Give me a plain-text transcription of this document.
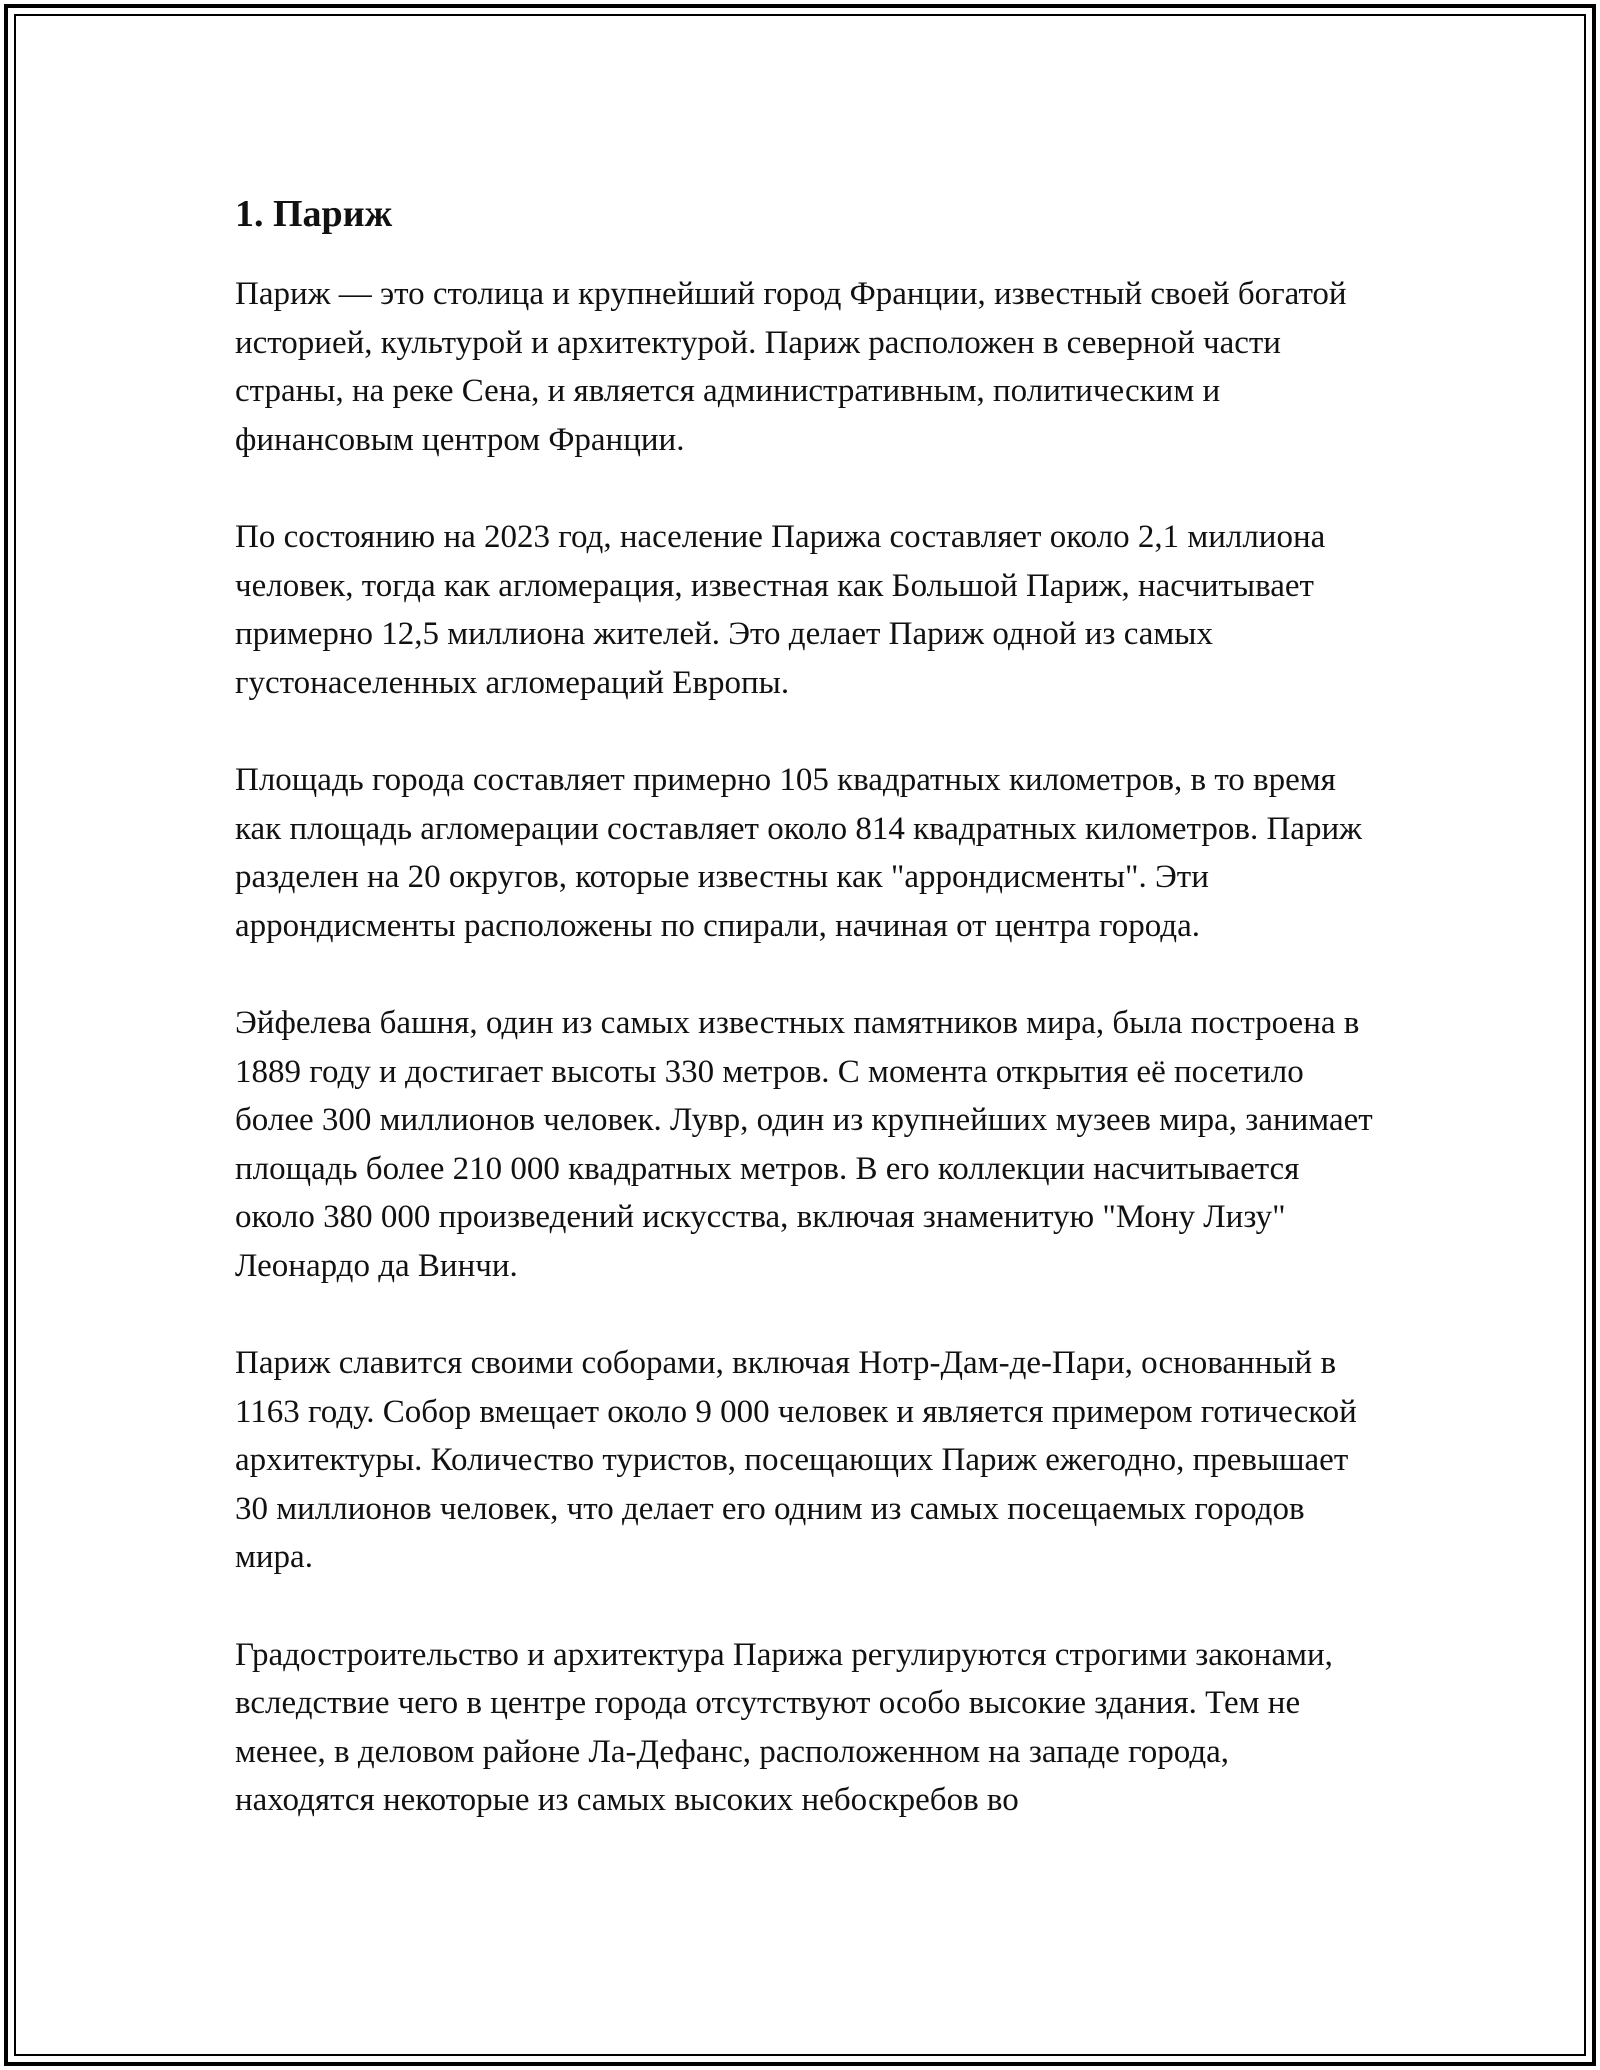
1. Париж

Париж — это столица и крупнейший город Франции, известный своей богатой историей, культурой и архитектурой. Париж расположен в северной части страны, на реке Сена, и является административным, политическим и финансовым центром Франции.

По состоянию на 2023 год, население Парижа составляет около 2,1 миллиона человек, тогда как агломерация, известная как Большой Париж, насчитывает примерно 12,5 миллиона жителей. Это делает Париж одной из самых густонаселенных агломераций Европы.

Площадь города составляет примерно 105 квадратных километров, в то время как площадь агломерации составляет около 814 квадратных километров. Париж разделен на 20 округов, которые известны как "аррондисменты". Эти аррондисменты расположены по спирали, начиная от центра города.

Эйфелева башня, один из самых известных памятников мира, была построена в 1889 году и достигает высоты 330 метров. С момента открытия её посетило более 300 миллионов человек. Лувр, один из крупнейших музеев мира, занимает площадь более 210 000 квадратных метров. В его коллекции насчитывается около 380 000 произведений искусства, включая знаменитую "Мону Лизу" Леонардо да Винчи.

Париж славится своими соборами, включая Нотр-Дам-де-Пари, основанный в 1163 году. Собор вмещает около 9 000 человек и является примером готической архитектуры. Количество туристов, посещающих Париж ежегодно, превышает 30 миллионов человек, что делает его одним из самых посещаемых городов мира.

Градостроительство и архитектура Парижа регулируются строгими законами, вследствие чего в центре города отсутствуют особо высокие здания. Тем не менее, в деловом районе Ла-Дефанс, расположенном на западе города, находятся некоторые из самых высоких небоскребов во
